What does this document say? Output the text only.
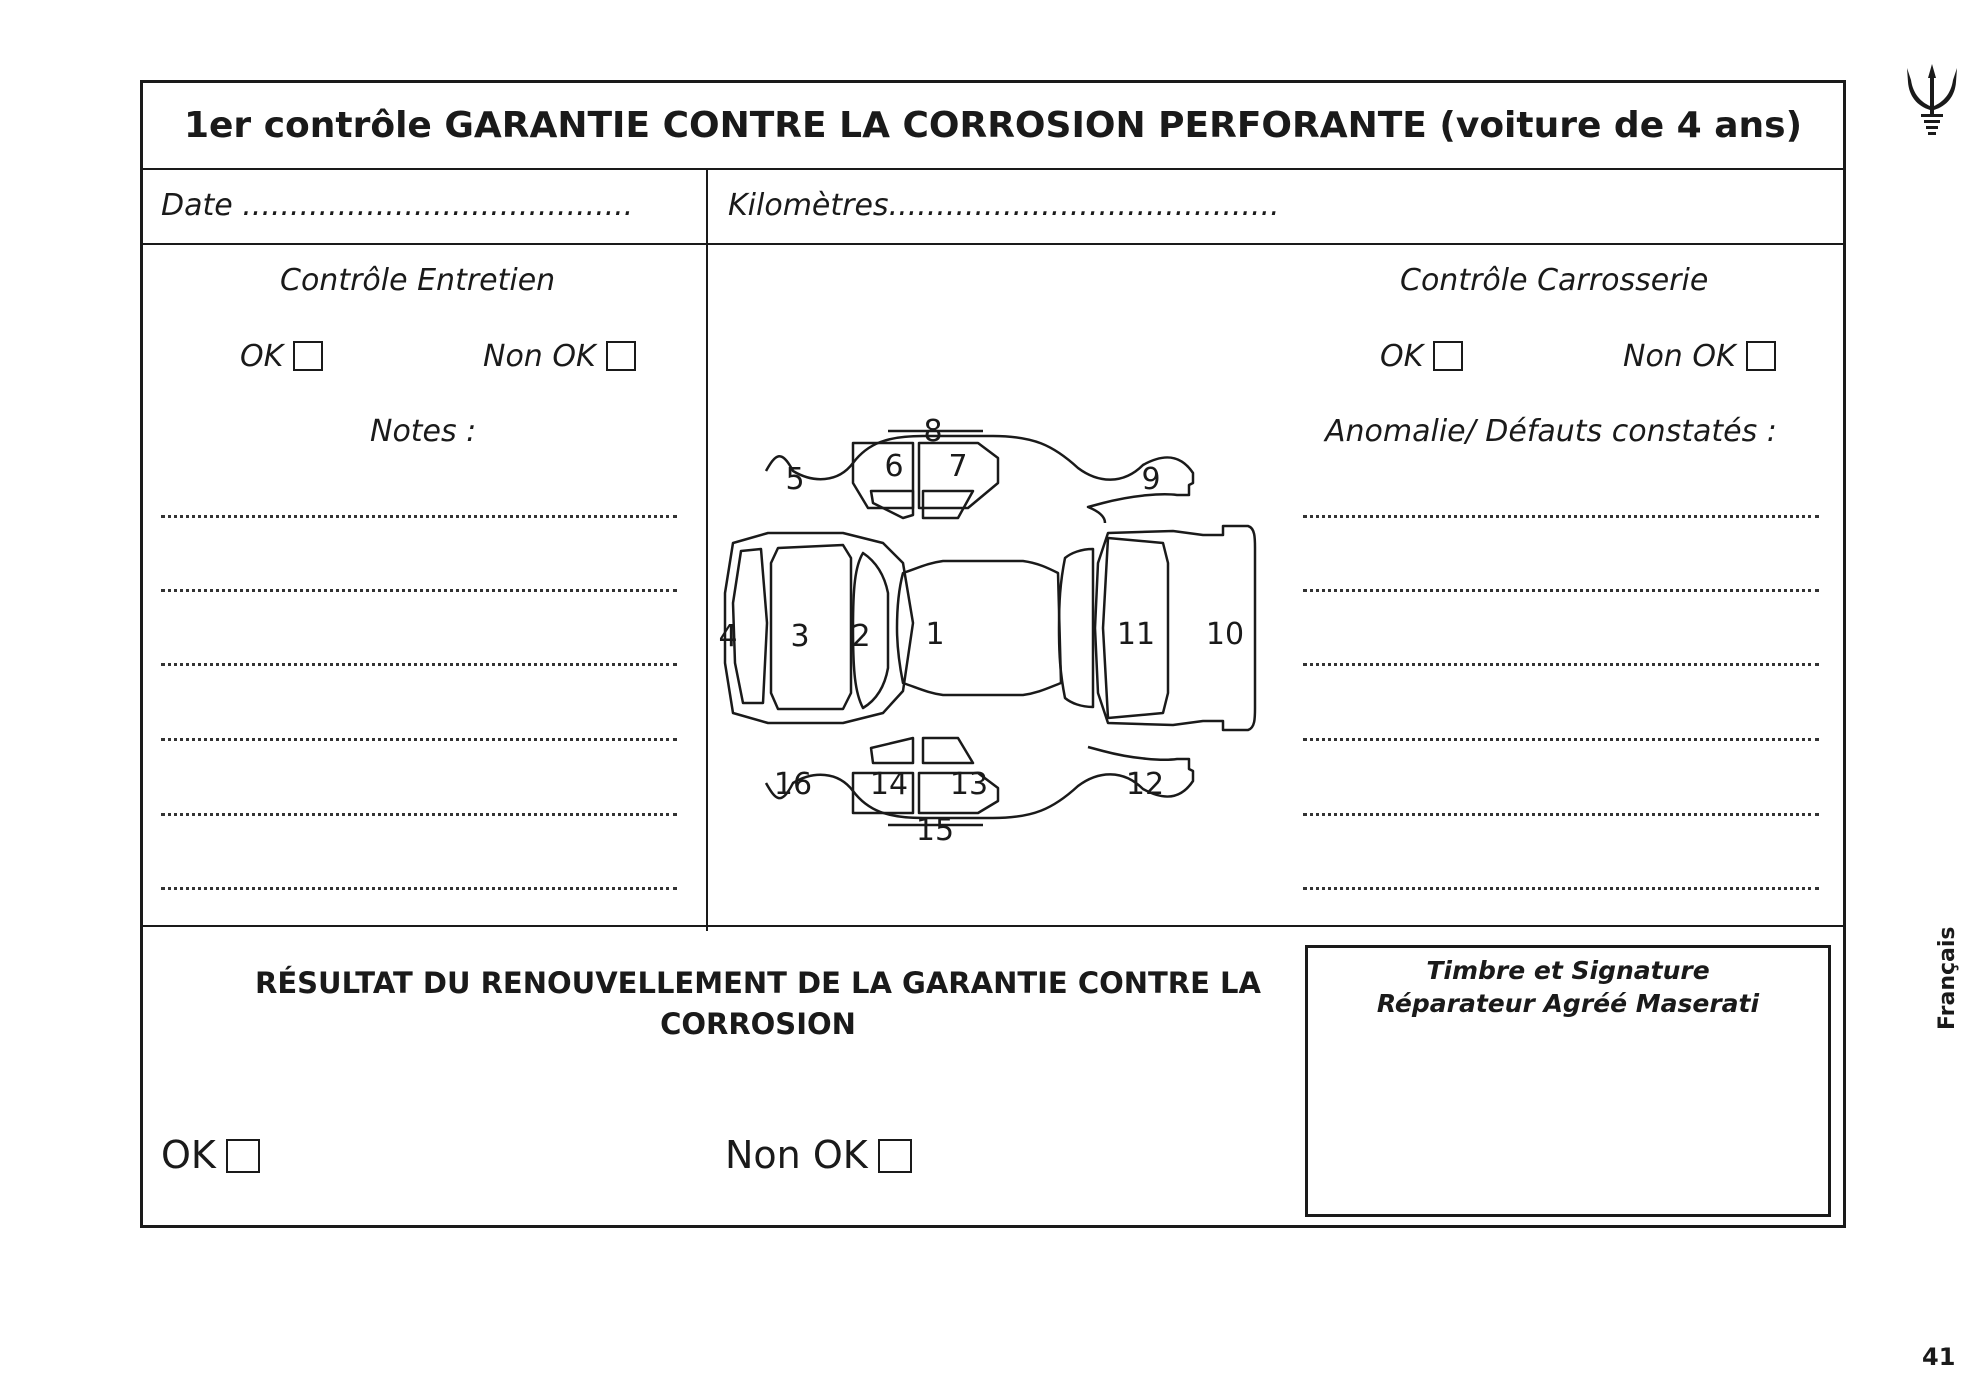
1er contrôle GARANTIE CONTRE LA CORROSION PERFORANTE (voiture de 4 ans)
Date .........................................	Kilomètres.........................................
Contrôle Entretien
OK	Non OK
Notes :
Contrôle Carrosserie
OK	Non OK
Anomalie/ Défauts constatés :
1
2
3
4
5	6 7
8
9
10
11
12
13
14
15
16
RÉSULTAT DU RENOUVELLEMENT DE LA GARANTIE CONTRE LA CORROSION
OK	Non OK
Timbre et Signature
Réparateur Agréé Maserati	Français
41
